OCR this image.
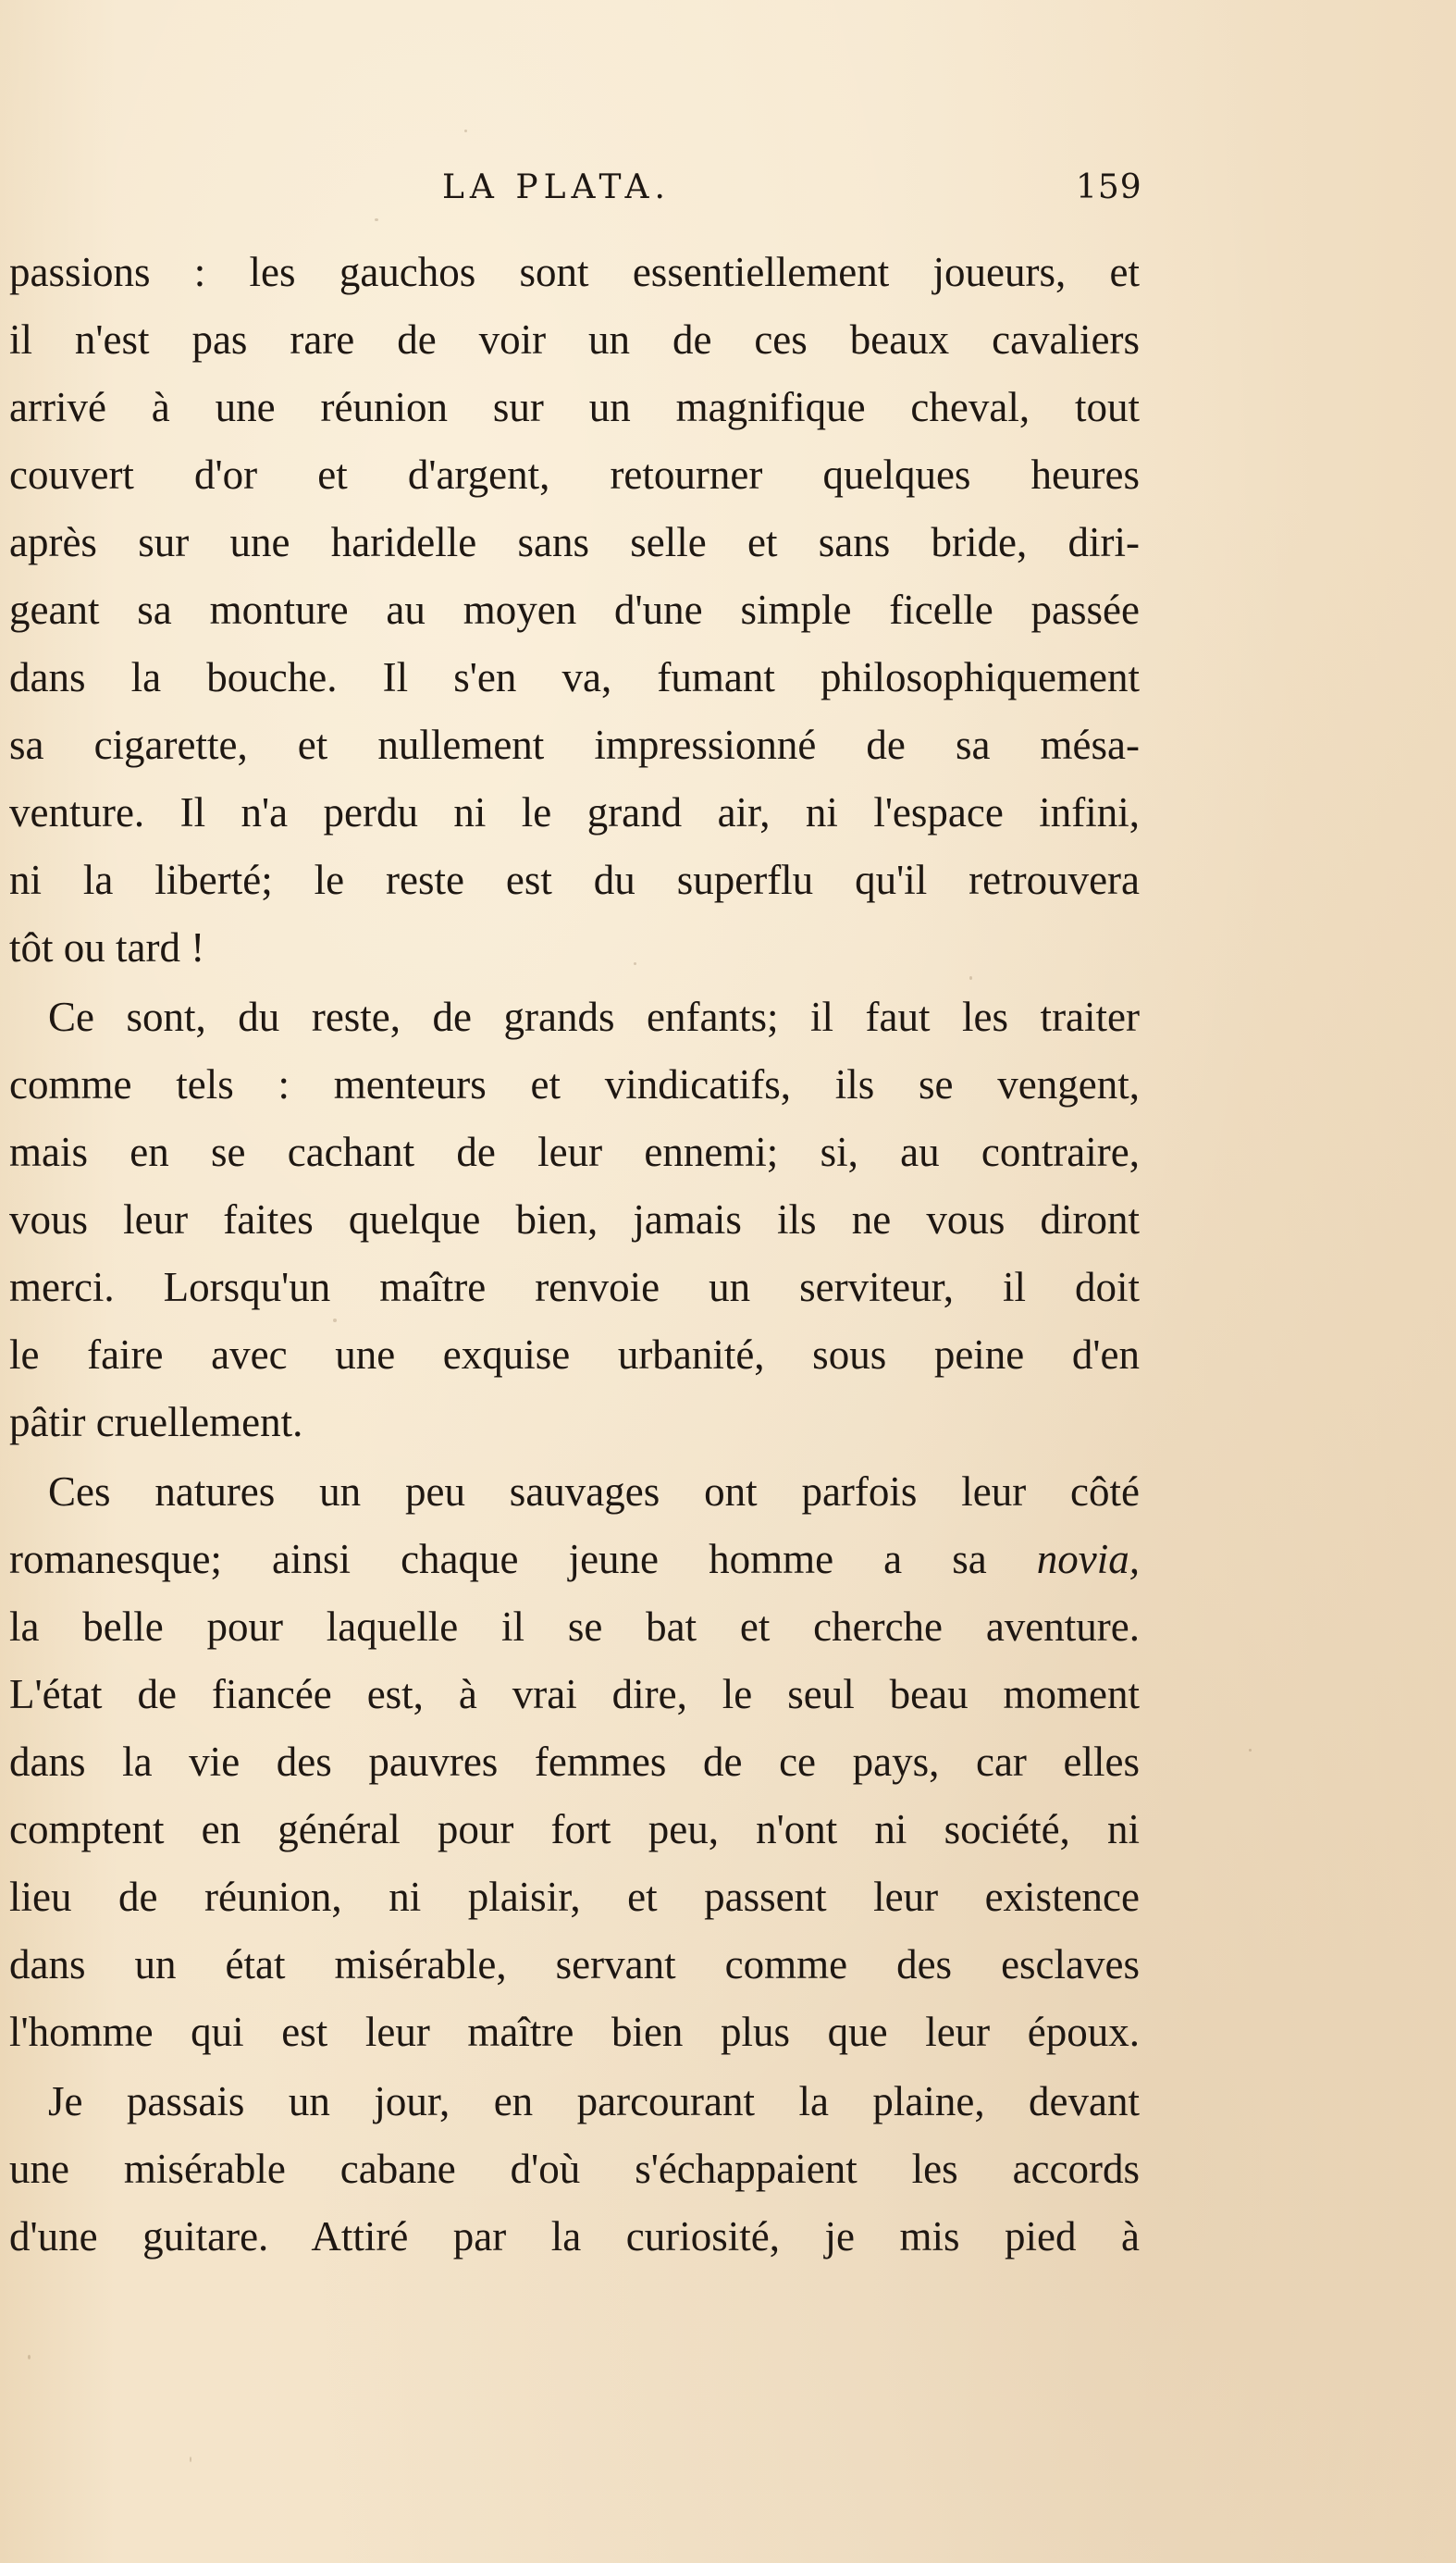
LA PLATA.	159
passions : les gauchos sont essentiellement joueurs, et
il n'est pas rare de voir un de ces beaux cavaliers
arrivé à une réunion sur un magnifique cheval, tout
couvert d'or et d'argent, retourner quelques heures
après sur une haridelle sans selle et sans bride, diri-
geant sa monture au moyen d'une simple ficelle passée
dans la bouche. Il s'en va, fumant philosophiquement
sa cigarette, et nullement impressionné de sa mésa-
venture. Il n'a perdu ni le grand air, ni l'espace infini,
ni la liberté; le reste est du superflu qu'il retrouvera
tôt ou tard !
Ce sont, du reste, de grands enfants; il faut les traiter
comme tels : menteurs et vindicatifs, ils se vengent,
mais en se cachant de leur ennemi; si, au contraire,
vous leur faites quelque bien, jamais ils ne vous diront
merci. Lorsqu'un maître renvoie un serviteur, il doit
le faire avec une exquise urbanité, sous peine d'en
pâtir cruellement.
Ces natures un peu sauvages ont parfois leur côté
romanesque; ainsi chaque jeune homme a sa novia,
la belle pour laquelle il se bat et cherche aventure.
L'état de fiancée est, à vrai dire, le seul beau moment
dans la vie des pauvres femmes de ce pays, car elles
comptent en général pour fort peu, n'ont ni société, ni
lieu de réunion, ni plaisir, et passent leur existence
dans un état misérable, servant comme des esclaves
l'homme qui est leur maître bien plus que leur époux.
Je passais un jour, en parcourant la plaine, devant
une misérable cabane d'où s'échappaient les accords
d'une guitare. Attiré par la curiosité, je mis pied à
